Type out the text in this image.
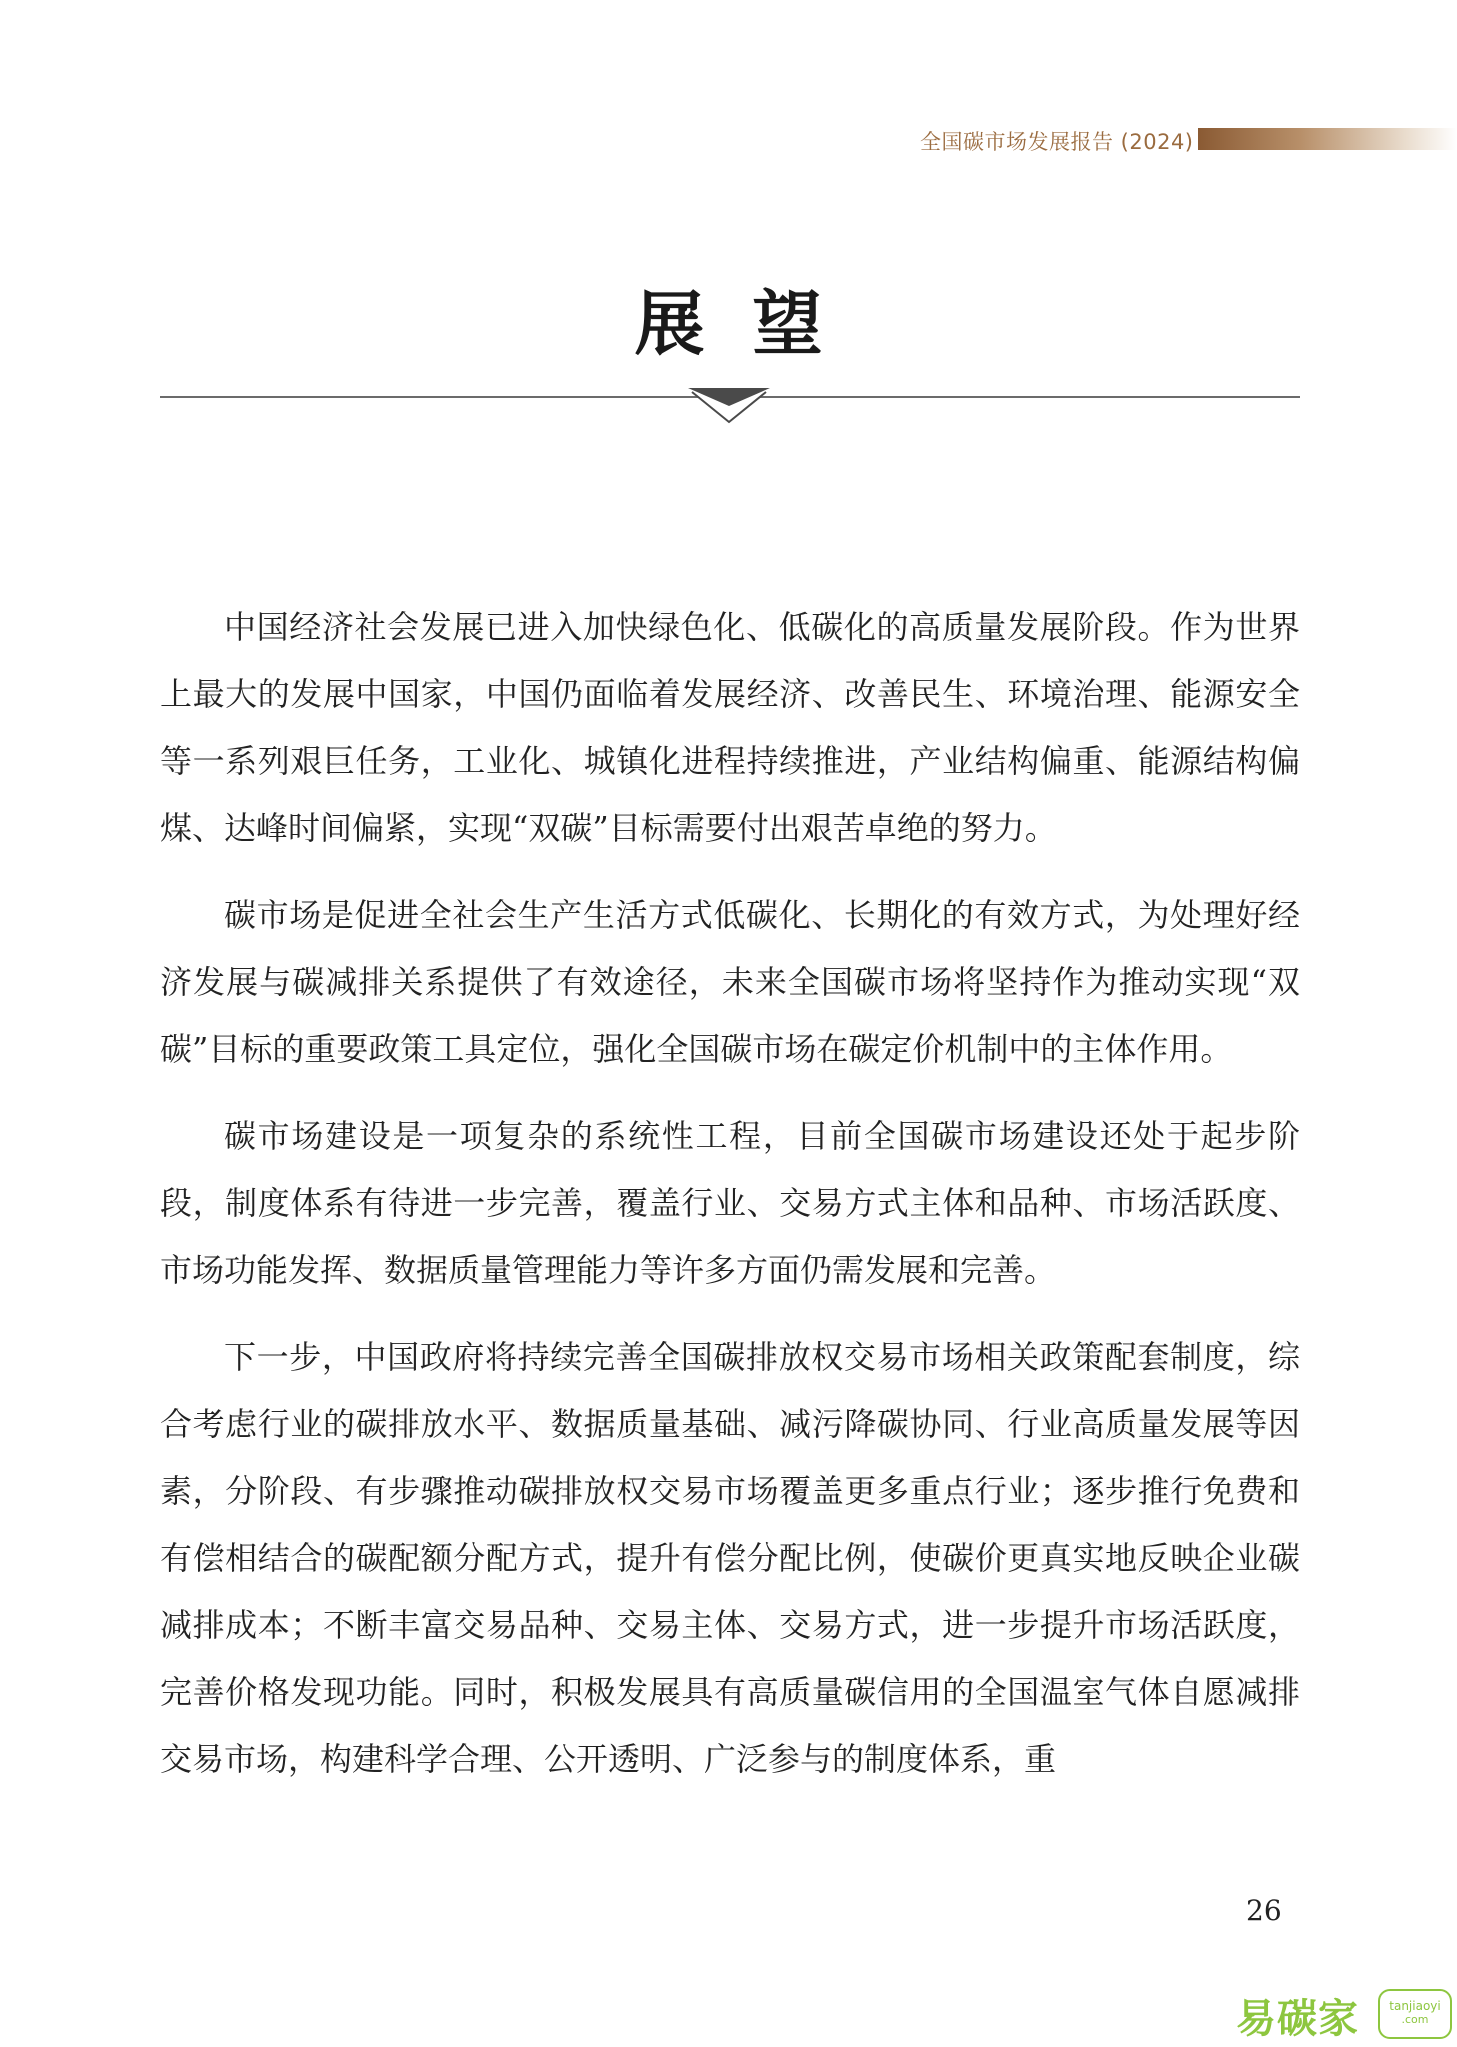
全国碳市场发展报告 (2024)
展望

中国经济社会发展已进入加快绿色化、低碳化的高质量发展阶段。作为世界上最大的发展中国家，中国仍面临着发展经济、改善民生、环境治理、能源安全等一系列艰巨任务，工业化、城镇化进程持续推进，产业结构偏重、能源结构偏煤、达峰时间偏紧，实现“双碳”目标需要付出艰苦卓绝的努力。

碳市场是促进全社会生产生活方式低碳化、长期化的有效方式，为处理好经济发展与碳减排关系提供了有效途径，未来全国碳市场将坚持作为推动实现“双碳”目标的重要政策工具定位，强化全国碳市场在碳定价机制中的主体作用。

碳市场建设是一项复杂的系统性工程，目前全国碳市场建设还处于起步阶段，制度体系有待进一步完善，覆盖行业、交易方式主体和品种、市场活跃度、市场功能发挥、数据质量管理能力等许多方面仍需发展和完善。

下一步，中国政府将持续完善全国碳排放权交易市场相关政策配套制度，综合考虑行业的碳排放水平、数据质量基础、减污降碳协同、行业高质量发展等因素，分阶段、有步骤推动碳排放权交易市场覆盖更多重点行业；逐步推行免费和有偿相结合的碳配额分配方式，提升有偿分配比例，使碳价更真实地反映企业碳减排成本；不断丰富交易品种、交易主体、交易方式，进一步提升市场活跃度，完善价格发现功能。同时，积极发展具有高质量碳信用的全国温室气体自愿减排交易市场，构建科学合理、公开透明、广泛参与的制度体系，重

26
易碳家	tanjiaoyi
.com
